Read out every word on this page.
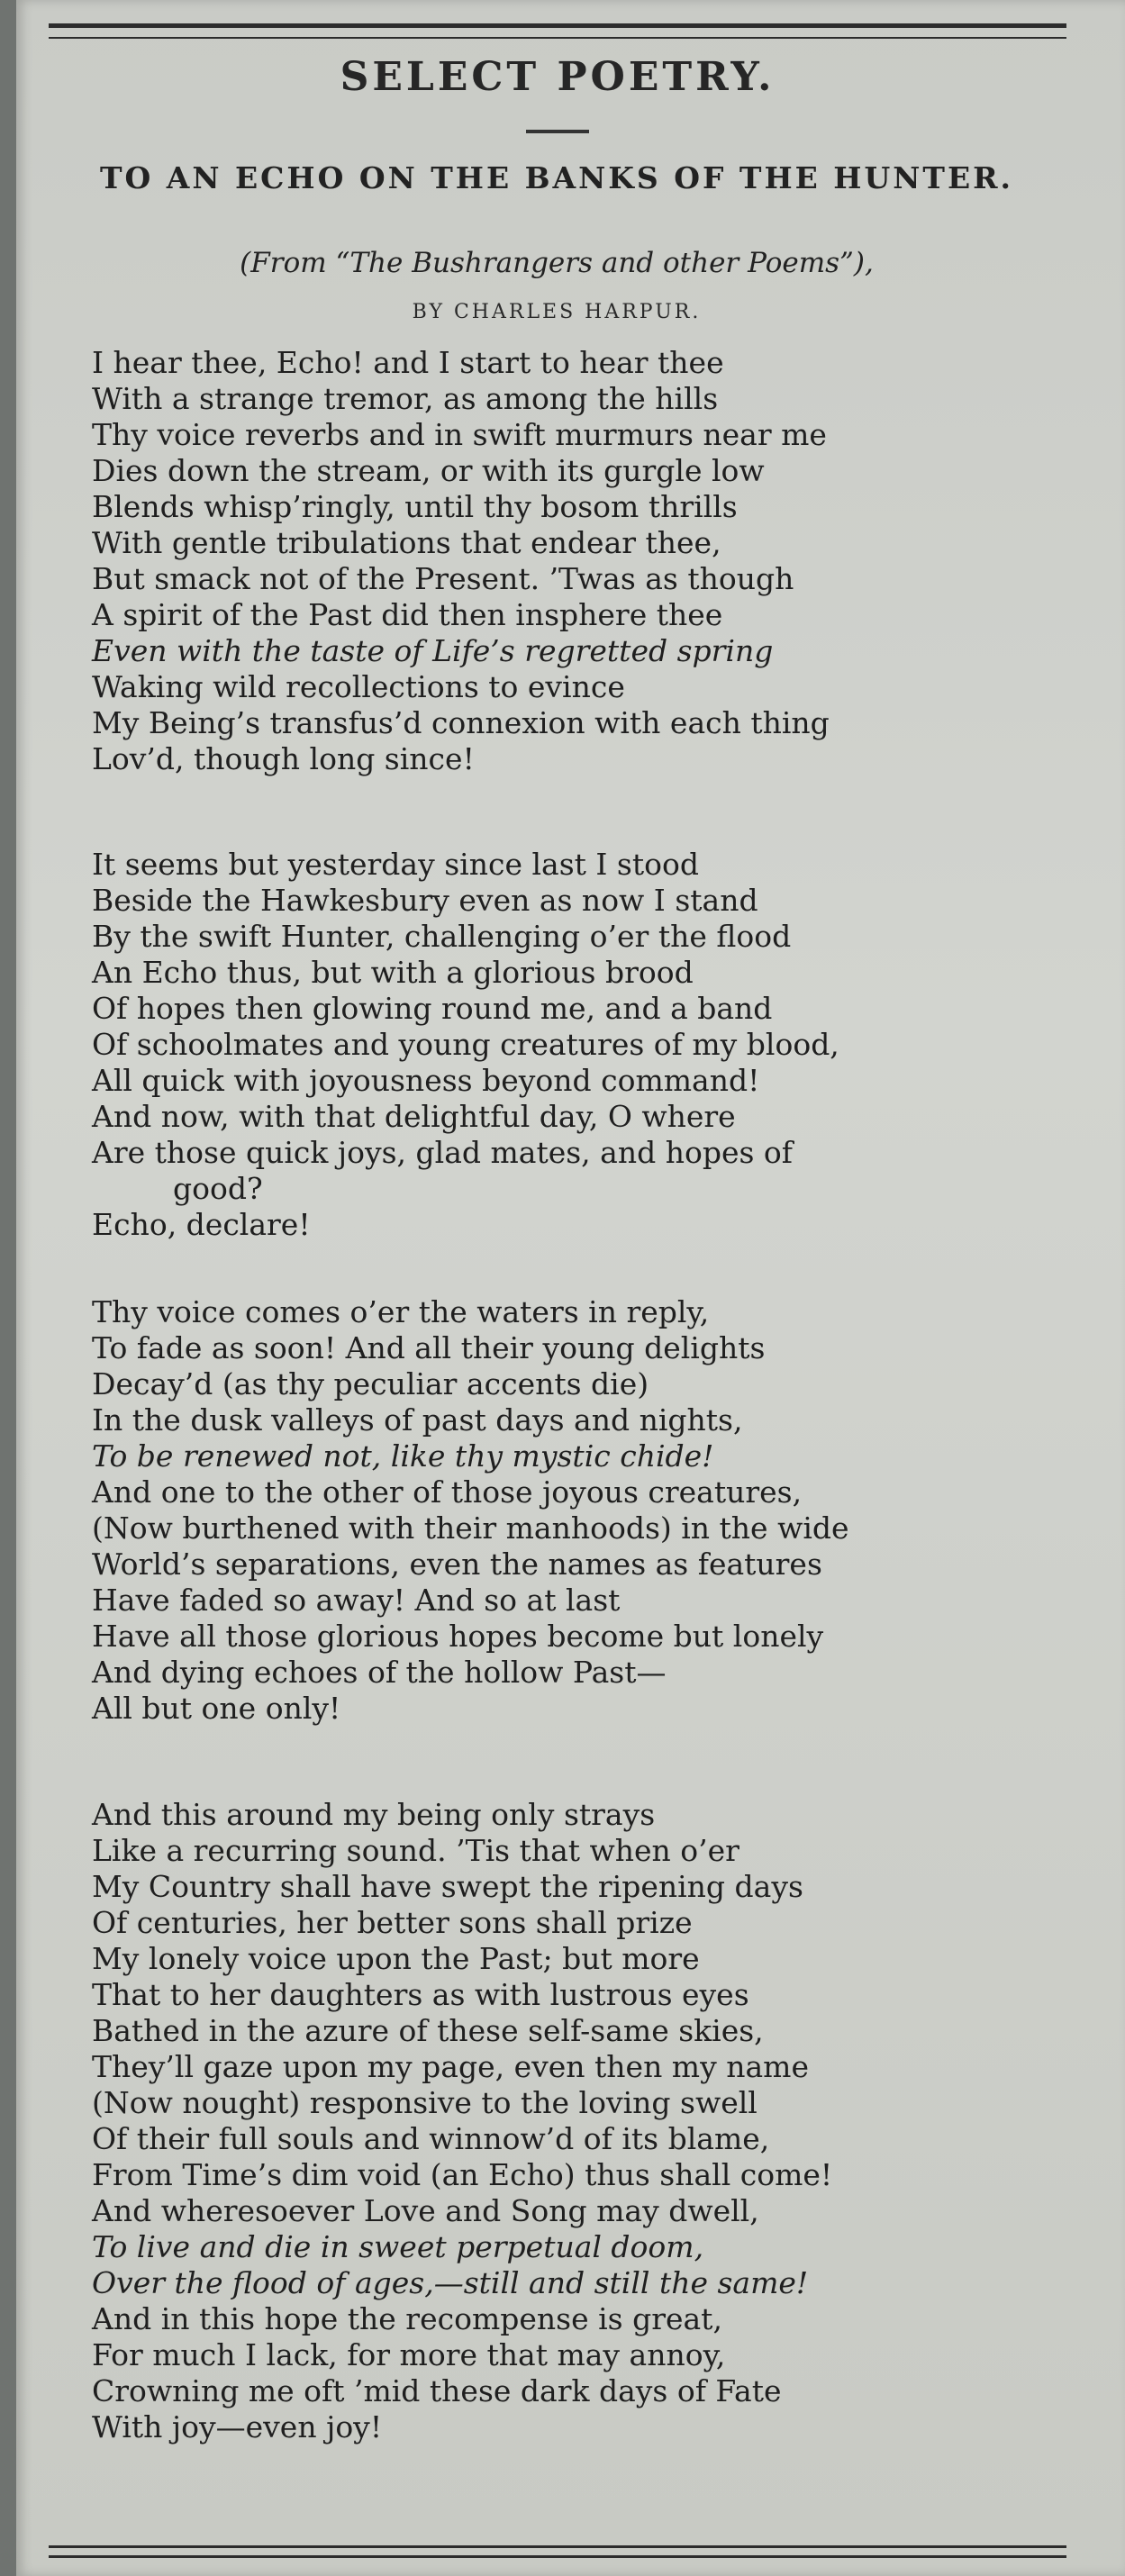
SELECT POETRY.
TO AN ECHO ON THE BANKS OF THE HUNTER.
(From “The Bushrangers and other Poems”),
BY CHARLES HARPUR.
I hear thee, Echo! and I start to hear thee
With a strange tremor, as among the hills
Thy voice reverbs and in swift murmurs near me
Dies down the stream, or with its gurgle low
Blends whisp’ringly, until thy bosom thrills
With gentle tribulations that endear thee,
But smack not of the Present. ’Twas as though
A spirit of the Past did then insphere thee
Even with the taste of Life’s regretted spring
Waking wild recollections to evince
My Being’s transfus’d connexion with each thing
Lov’d, though long since!
It seems but yesterday since last I stood
Beside the Hawkesbury even as now I stand
By the swift Hunter, challenging o’er the flood
An Echo thus, but with a glorious brood
Of hopes then glowing round me, and a band
Of schoolmates and young creatures of my blood,
All quick with joyousness beyond command!
And now, with that delightful day, O where
Are those quick joys, glad mates, and hopes of
good?
Echo, declare!
Thy voice comes o’er the waters in reply,
To fade as soon! And all their young delights
Decay’d (as thy peculiar accents die)
In the dusk valleys of past days and nights,
To be renewed not, like thy mystic chide!
And one to the other of those joyous creatures,
(Now burthened with their manhoods) in the wide
World’s separations, even the names as features
Have faded so away! And so at last
Have all those glorious hopes become but lonely
And dying echoes of the hollow Past—
All but one only!
And this around my being only strays
Like a recurring sound. ’Tis that when o’er
My Country shall have swept the ripening days
Of centuries, her better sons shall prize
My lonely voice upon the Past; but more
That to her daughters as with lustrous eyes
Bathed in the azure of these self-same skies,
They’ll gaze upon my page, even then my name
(Now nought) responsive to the loving swell
Of their full souls and winnow’d of its blame,
From Time’s dim void (an Echo) thus shall come!
And wheresoever Love and Song may dwell,
To live and die in sweet perpetual doom,
Over the flood of ages,—still and still the same!
And in this hope the recompense is great,
For much I lack, for more that may annoy,
Crowning me oft ’mid these dark days of Fate
With joy—even joy!
